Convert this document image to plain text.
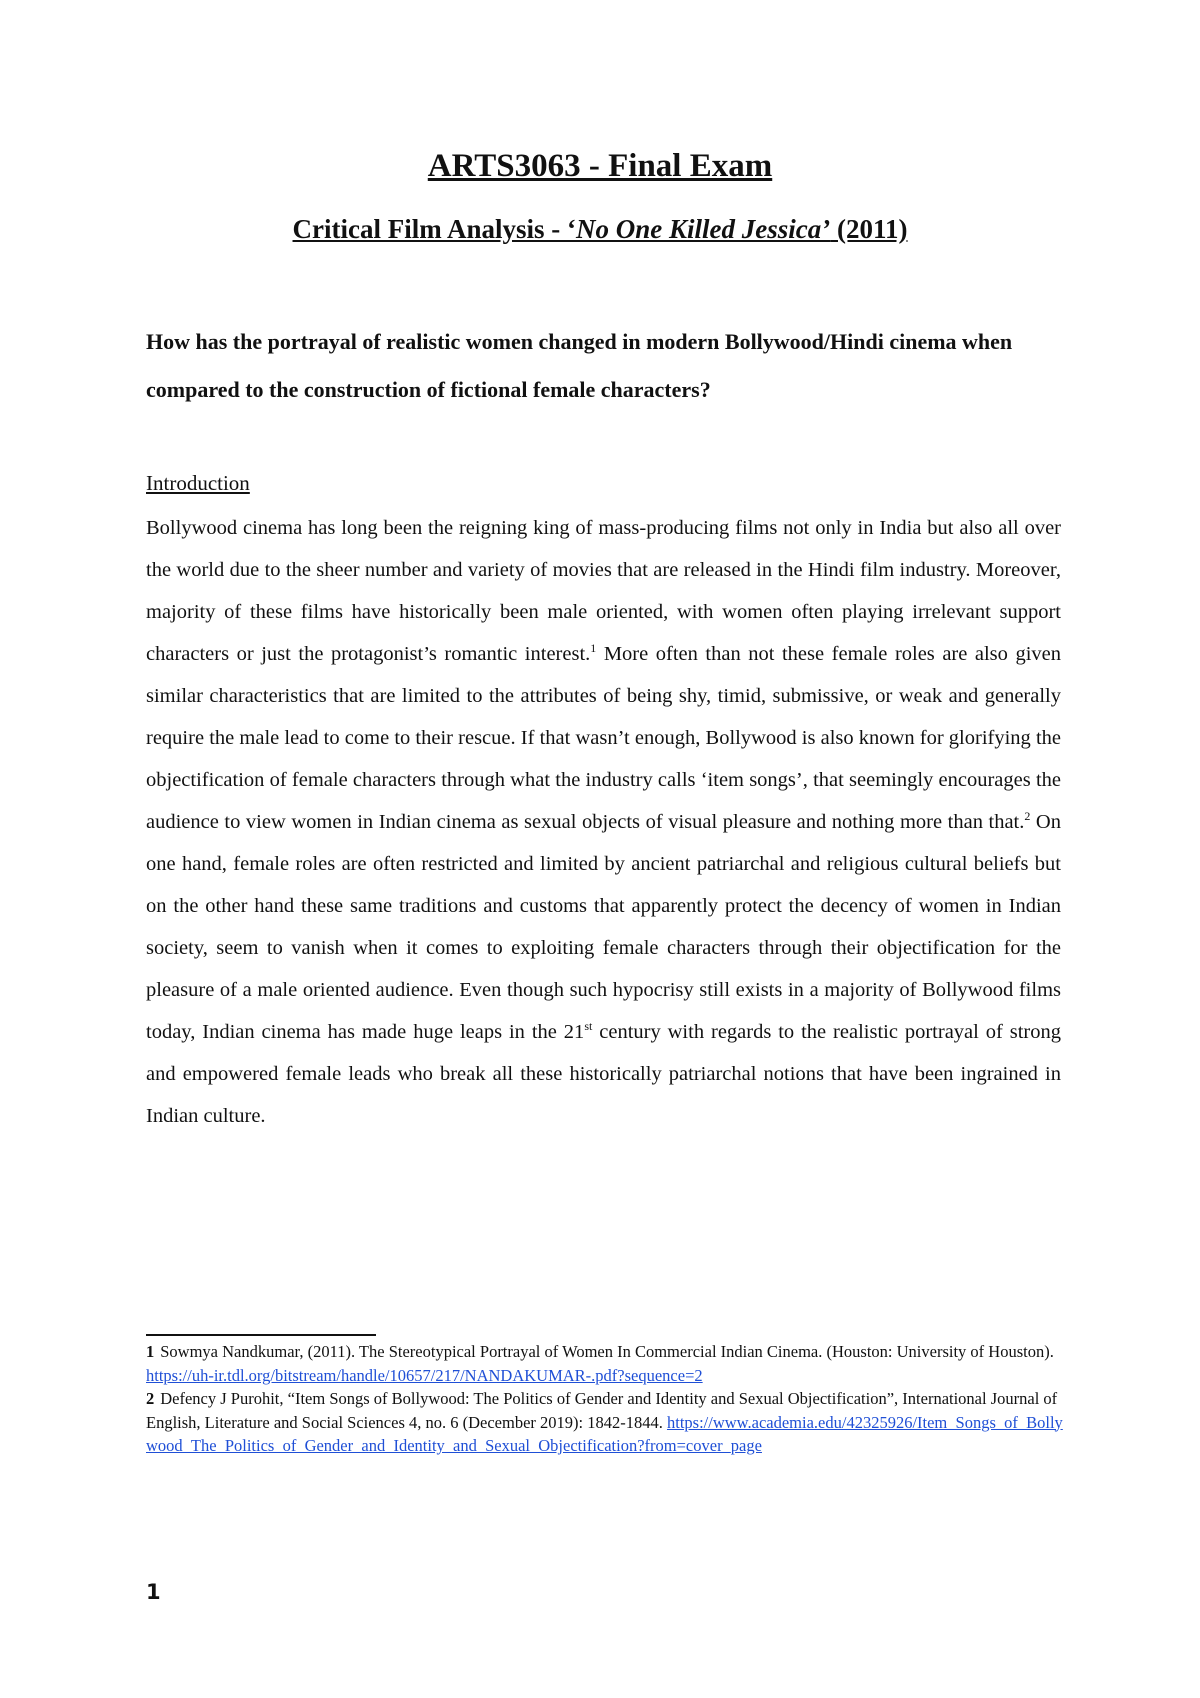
ARTS3063 - Final Exam
Critical Film Analysis - ‘No One Killed Jessica’ (2011)

How has the portrayal of realistic women changed in modern Bollywood/Hindi cinema when compared to the construction of fictional female characters?

Introduction

Bollywood cinema has long been the reigning king of mass-producing films not only in India but also all over the world due to the sheer number and variety of movies that are released in the Hindi film industry. Moreover, majority of these films have historically been male oriented, with women often playing irrelevant support characters or just the protagonist’s romantic interest.$^1$ More often than not these female roles are also given similar characteristics that are limited to the attributes of being shy, timid, submissive, or weak and generally require the male lead to come to their rescue. If that wasn’t enough, Bollywood is also known for glorifying the objectification of female characters through what the industry calls ‘item songs’, that seemingly encourages the audience to view women in Indian cinema as sexual objects of visual pleasure and nothing more than that.$^2$ On one hand, female roles are often restricted and limited by ancient patriarchal and religious cultural beliefs but on the other hand these same traditions and customs that apparently protect the decency of women in Indian society, seem to vanish when it comes to exploiting female characters through their objectification for the pleasure of a male oriented audience. Even though such hypocrisy still exists in a majority of Bollywood films today, Indian cinema has made huge leaps in the 21st century with regards to the realistic portrayal of strong and empowered female leads who break all these historically patriarchal notions that have been ingrained in Indian culture.

1 Sowmya Nandkumar, (2011). The Stereotypical Portrayal of Women In Commercial Indian Cinema. (Houston: University of Houston). https://uh-ir.tdl.org/bitstream/handle/10657/217/NANDAKUMAR-.pdf?sequence=2

2 Defency J Purohit, “Item Songs of Bollywood: The Politics of Gender and Identity and Sexual Objectification”, International Journal of English, Literature and Social Sciences 4, no. 6 (December 2019): 1842-1844. https://www.academia.edu/42325926/Item_Songs_of_Bollywood_The_Politics_of_Gender_and_Identity_and_Sexual_Objectification?from=cover_page

1
